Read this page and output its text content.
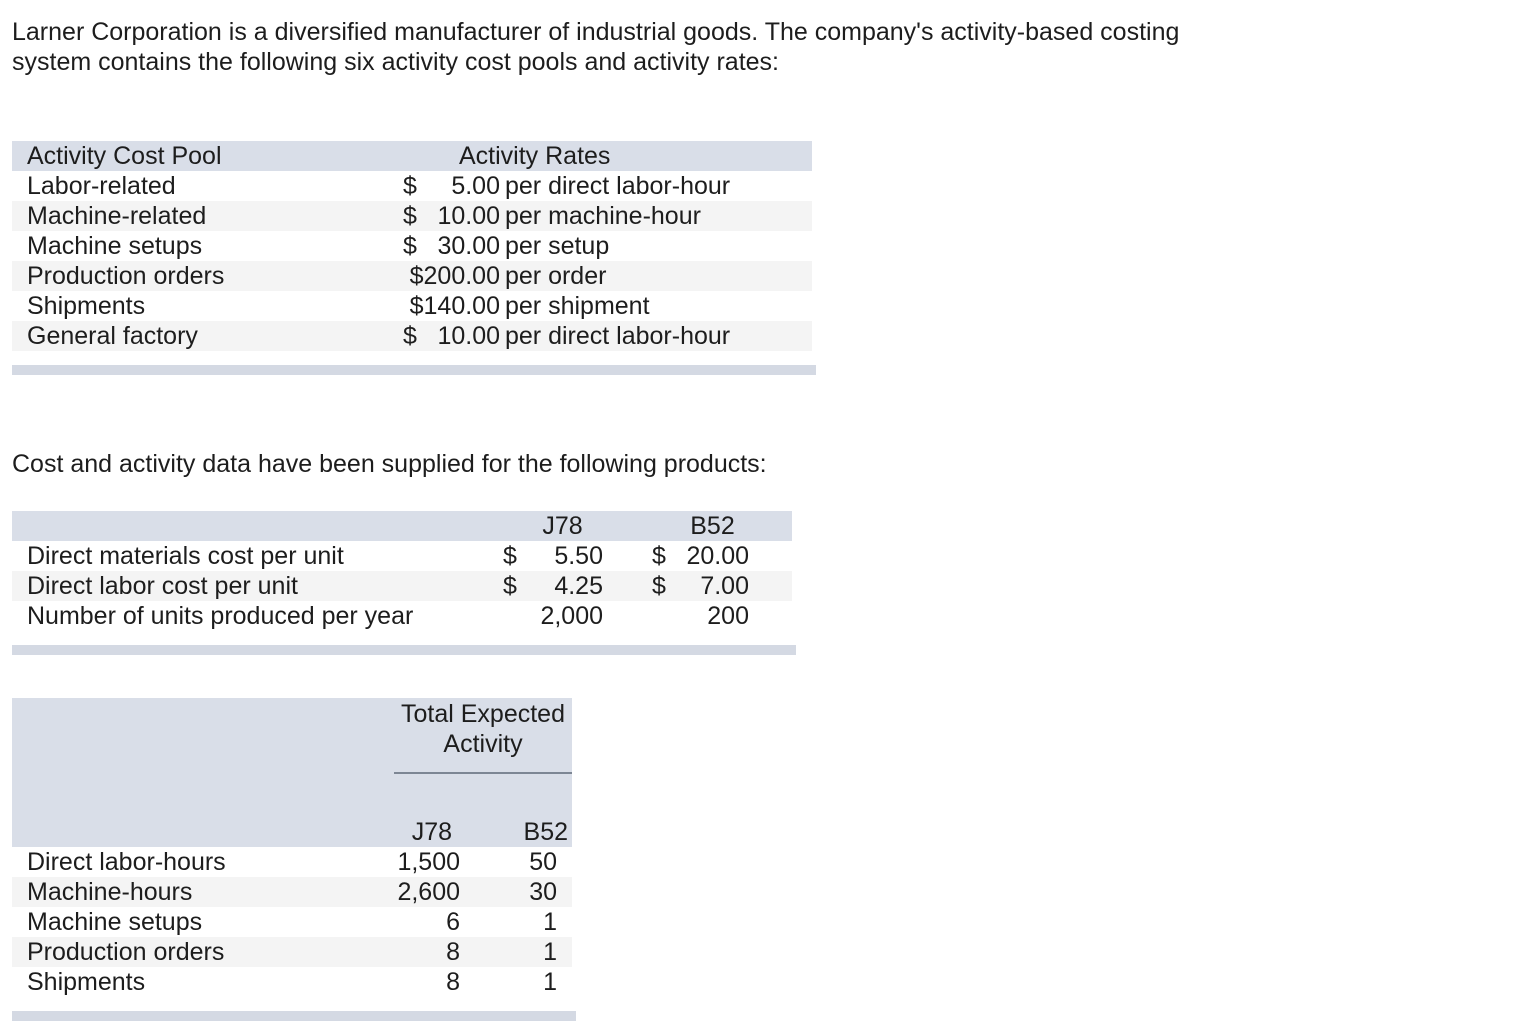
Larner Corporation is a diversified manufacturer of industrial goods. The company's activity-based costing
system contains the following six activity cost pools and activity rates:
Activity Cost Pool	Activity Rates
Labor-related	$	5.00 per direct labor-hour
Machine-related	$ 10.00 per machine-hour
Machine setups	$ 30.00 per setup
Production orders	$200.00 per order
Shipments	$140.00 per shipment
General factory	$ 10.00 per direct labor-hour
Cost and activity data have been supplied for the following products:
J78	B52
Direct materials cost per unit	$	5.50 $ 20.00
Direct labor cost per unit	$	4.25 $	7.00
Number of units produced per year	2,000	200
Total Expected
Activity
J78	B52
Direct labor-hours	1,500	50
Machine-hours	2,600	30
Machine setups	6	1
Production orders	8	1
Shipments	8	1
